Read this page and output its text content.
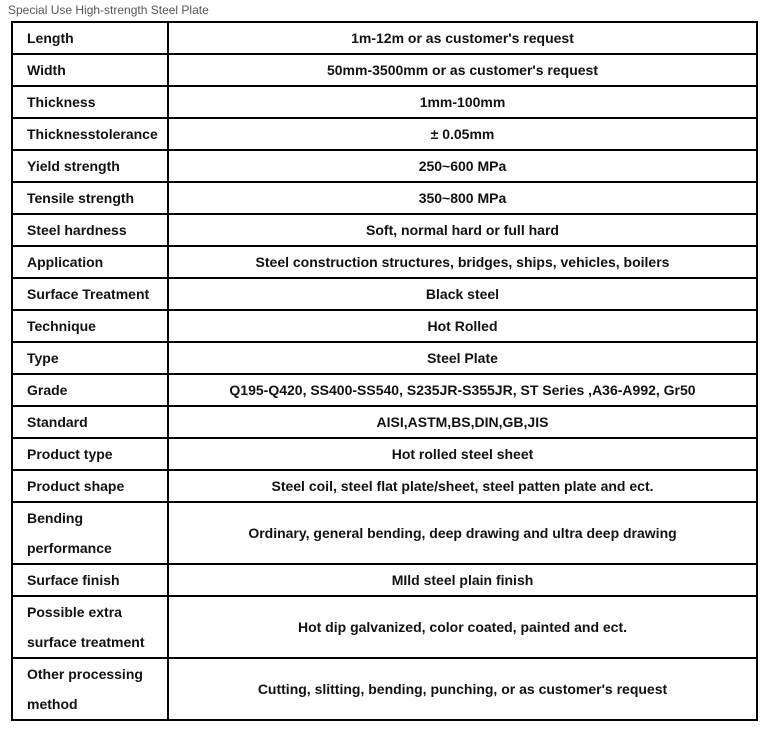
Special Use High-strength Steel Plate
Length	1m-12m or as customer's request
Width	50mm-3500mm or as customer's request
Thickness	1mm-100mm
Thicknesstolerance	± 0.05mm
Yield strength	250~600 MPa
Tensile strength	350~800 MPa
Steel hardness	Soft, normal hard or full hard
Application	Steel construction structures, bridges, ships, vehicles, boilers
Surface Treatment	Black steel
Technique	Hot Rolled
Type	Steel Plate
Grade	Q195-Q420, SS400-SS540, S235JR-S355JR, ST Series ,A36-A992, Gr50
Standard	AISI,ASTM,BS,DIN,GB,JIS
Product type	Hot rolled steel sheet
Product shape	Steel coil, steel flat plate/sheet, steel patten plate and ect.
Bending performance	Ordinary, general bending, deep drawing and ultra deep drawing
Surface finish	MIld steel plain finish
Possible extra surface treatment	Hot dip galvanized, color coated, painted and ect.
Other processing method	Cutting, slitting, bending, punching, or as customer's request
